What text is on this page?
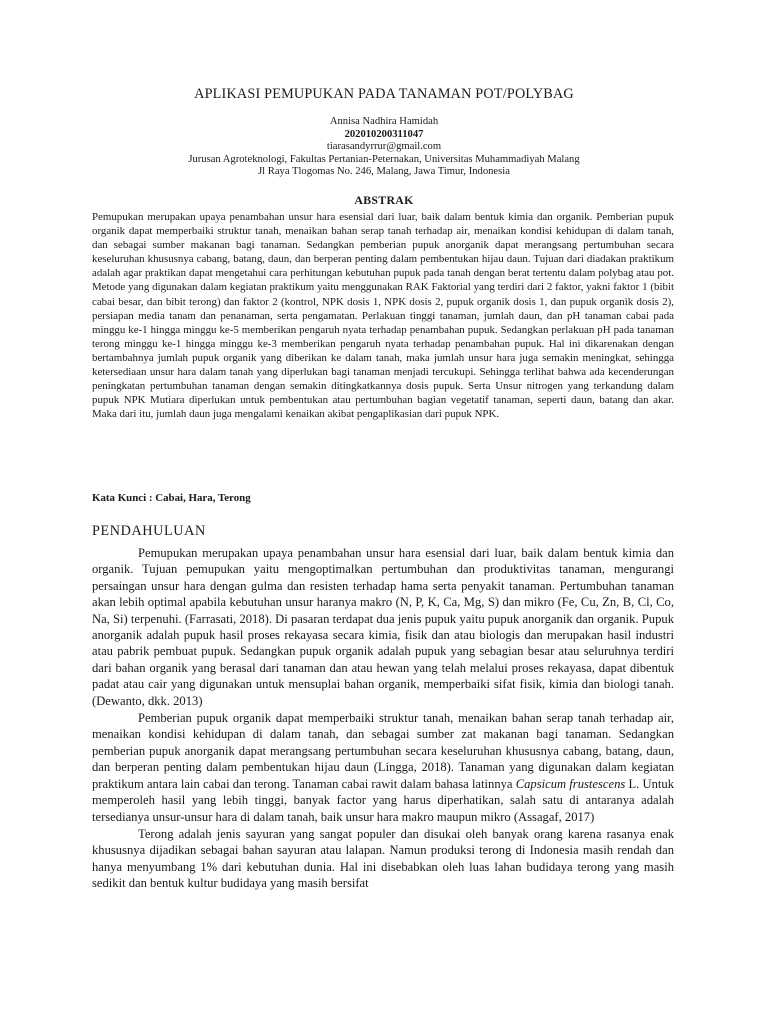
APLIKASI PEMUPUKAN PADA TANAMAN POT/POLYBAG
Annisa Nadhira Hamidah
202010200311047
tiarasandyrrur@gmail.com
Jurusan Agroteknologi, Fakultas Pertanian-Peternakan, Universitas Muhammadiyah Malang
Jl Raya Tlogomas No. 246, Malang, Jawa Timur, Indonesia
ABSTRAK

Pemupukan merupakan upaya penambahan unsur hara esensial dari luar, baik dalam bentuk kimia dan organik. Pemberian pupuk organik dapat memperbaiki struktur tanah, menaikan bahan serap tanah terhadap air, menaikan kondisi kehidupan di dalam tanah, dan sebagai sumber makanan bagi tanaman. Sedangkan pemberian pupuk anorganik dapat merangsang pertumbuhan secara keseluruhan khususnya cabang, batang, daun, dan berperan penting dalam pembentukan hijau daun. Tujuan dari diadakan praktikum adalah agar praktikan dapat mengetahui cara perhitungan kebutuhan pupuk pada tanah dengan berat tertentu dalam polybag atau pot. Metode yang digunakan dalam kegiatan praktikum yaitu menggunakan RAK Faktorial yang terdiri dari 2 faktor, yakni faktor 1 (bibit cabai besar, dan bibit terong) dan faktor 2 (kontrol, NPK dosis 1, NPK dosis 2, pupuk organik dosis 1, dan pupuk organik dosis 2), persiapan media tanam dan penanaman, serta pengamatan. Perlakuan tinggi tanaman, jumlah daun, dan pH tanaman cabai pada minggu ke-1 hingga minggu ke-5 memberikan pengaruh nyata terhadap penambahan pupuk. Sedangkan perlakuan pH pada tanaman terong minggu ke-1 hingga minggu ke-3 memberikan pengaruh nyata terhadap penambahan pupuk. Hal ini dikarenakan dengan bertambahnya jumlah pupuk organik yang diberikan ke dalam tanah, maka jumlah unsur hara juga semakin meningkat, sehingga ketersediaan unsur hara dalam tanah yang diperlukan bagi tanaman menjadi tercukupi. Sehingga terlihat bahwa ada kecenderungan peningkatan pertumbuhan tanaman dengan semakin ditingkatkannya dosis pupuk. Serta Unsur nitrogen yang terkandung dalam pupuk NPK Mutiara diperlukan untuk pembentukan atau pertumbuhan bagian vegetatif tanaman, seperti daun, batang dan akar. Maka dari itu, jumlah daun juga mengalami kenaikan akibat pengaplikasian dari pupuk NPK.

Kata Kunci : Cabai, Hara, Terong
PENDAHULUAN

Pemupukan merupakan upaya penambahan unsur hara esensial dari luar, baik dalam bentuk kimia dan organik. Tujuan pemupukan yaitu mengoptimalkan pertumbuhan dan produktivitas tanaman, mengurangi persaingan unsur hara dengan gulma dan resisten terhadap hama serta penyakit tanaman. Pertumbuhan tanaman akan lebih optimal apabila kebutuhan unsur haranya makro (N, P, K, Ca, Mg, S) dan mikro (Fe, Cu, Zn, B, Cl, Co, Na, Si) terpenuhi. (Farrasati, 2018). Di pasaran terdapat dua jenis pupuk yaitu pupuk anorganik dan organik. Pupuk anorganik adalah pupuk hasil proses rekayasa secara kimia, fisik dan atau biologis dan merupakan hasil industri atau pabrik pembuat pupuk. Sedangkan pupuk organik adalah pupuk yang sebagian besar atau seluruhnya terdiri dari bahan organik yang berasal dari tanaman dan atau hewan yang telah melalui proses rekayasa, dapat dibentuk padat atau cair yang digunakan untuk mensuplai bahan organik, memperbaiki sifat fisik, kimia dan biologi tanah. (Dewanto, dkk. 2013)

Pemberian pupuk organik dapat memperbaiki struktur tanah, menaikan bahan serap tanah terhadap air, menaikan kondisi kehidupan di dalam tanah, dan sebagai sumber zat makanan bagi tanaman. Sedangkan pemberian pupuk anorganik dapat merangsang pertumbuhan secara keseluruhan khususnya cabang, batang, daun, dan berperan penting dalam pembentukan hijau daun (Lingga, 2018). Tanaman yang digunakan dalam kegiatan praktikum antara lain cabai dan terong. Tanaman cabai rawit dalam bahasa latinnya Capsicum frustescens L. Untuk memperoleh hasil yang lebih tinggi, banyak factor yang harus diperhatikan, salah satu di antaranya adalah tersedianya unsur-unsur hara di dalam tanah, baik unsur hara makro maupun mikro (Assagaf, 2017)

Terong adalah jenis sayuran yang sangat populer dan disukai oleh banyak orang karena rasanya enak khususnya dijadikan sebagai bahan sayuran atau lalapan. Namun produksi terong di Indonesia masih rendah dan hanya menyumbang 1% dari kebutuhan dunia. Hal ini disebabkan oleh luas lahan budidaya terong yang masih sedikit dan bentuk kultur budidaya yang masih bersifat
